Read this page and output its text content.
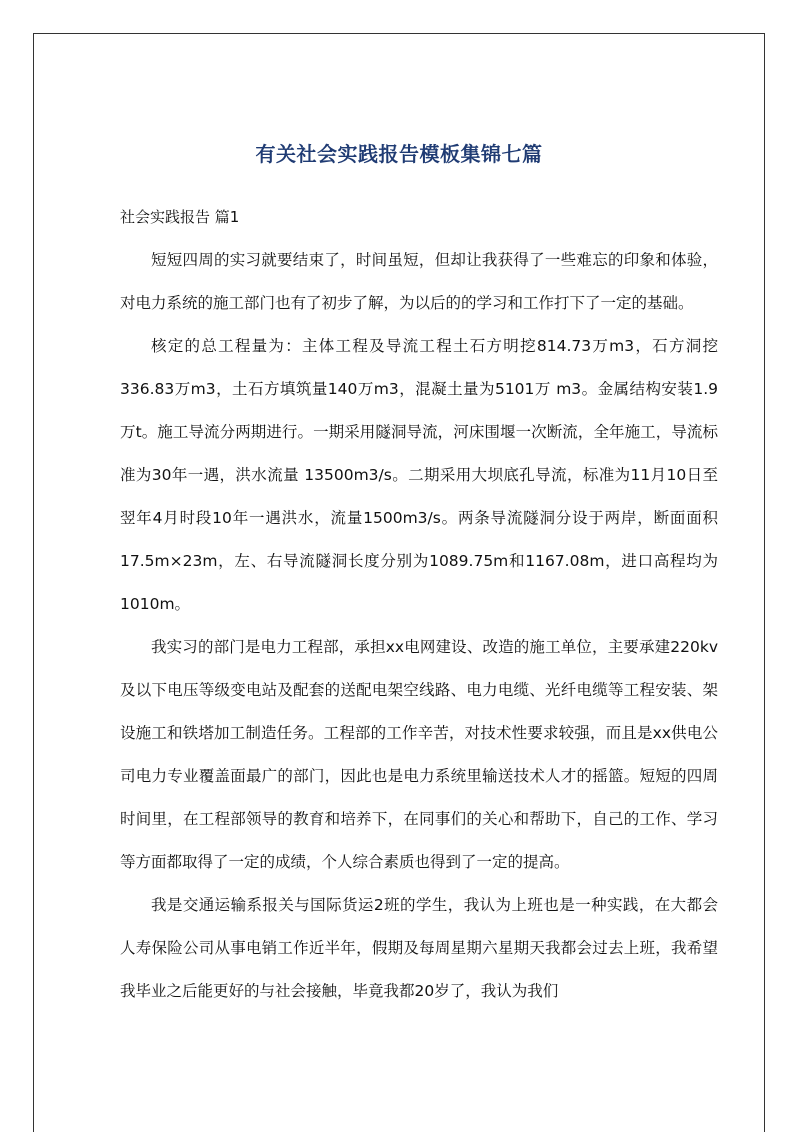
有关社会实践报告模板集锦七篇
社会实践报告 篇1

短短四周的实习就要结束了，时间虽短，但却让我获得了一些难忘的印象和体验，对电力系统的施工部门也有了初步了解，为以后的的学习和工作打下了一定的基础。

核定的总工程量为：主体工程及导流工程土石方明挖814.73万m3，石方洞挖336.83万m3，土石方填筑量140万m3，混凝土量为5101万 m3。金属结构安装1.9万t。施工导流分两期进行。一期采用隧洞导流，河床围堰一次断流，全年施工，导流标准为30年一遇，洪水流量 13500m3/s。二期采用大坝底孔导流，标准为11月10日至翌年4月时段10年一遇洪水，流量1500m3/s。两条导流隧洞分设于两岸，断面面积 17.5m×23m，左、右导流隧洞长度分别为1089.75m和1167.08m，进口高程均为1010m。

我实习的部门是电力工程部，承担xx电网建设、改造的施工单位，主要承建220kv及以下电压等级变电站及配套的送配电架空线路、电力电缆、光纤电缆等工程安装、架设施工和铁塔加工制造任务。工程部的工作辛苦，对技术性要求较强，而且是xx供电公司电力专业覆盖面最广的部门，因此也是电力系统里输送技术人才的摇篮。短短的四周时间里，在工程部领导的教育和培养下，在同事们的关心和帮助下，自己的工作、学习等方面都取得了一定的成绩，个人综合素质也得到了一定的提高。

我是交通运输系报关与国际货运2班的学生，我认为上班也是一种实践，在大都会人寿保险公司从事电销工作近半年，假期及每周星期六星期天我都会过去上班，我希望我毕业之后能更好的与社会接触，毕竟我都20岁了，我认为我们
